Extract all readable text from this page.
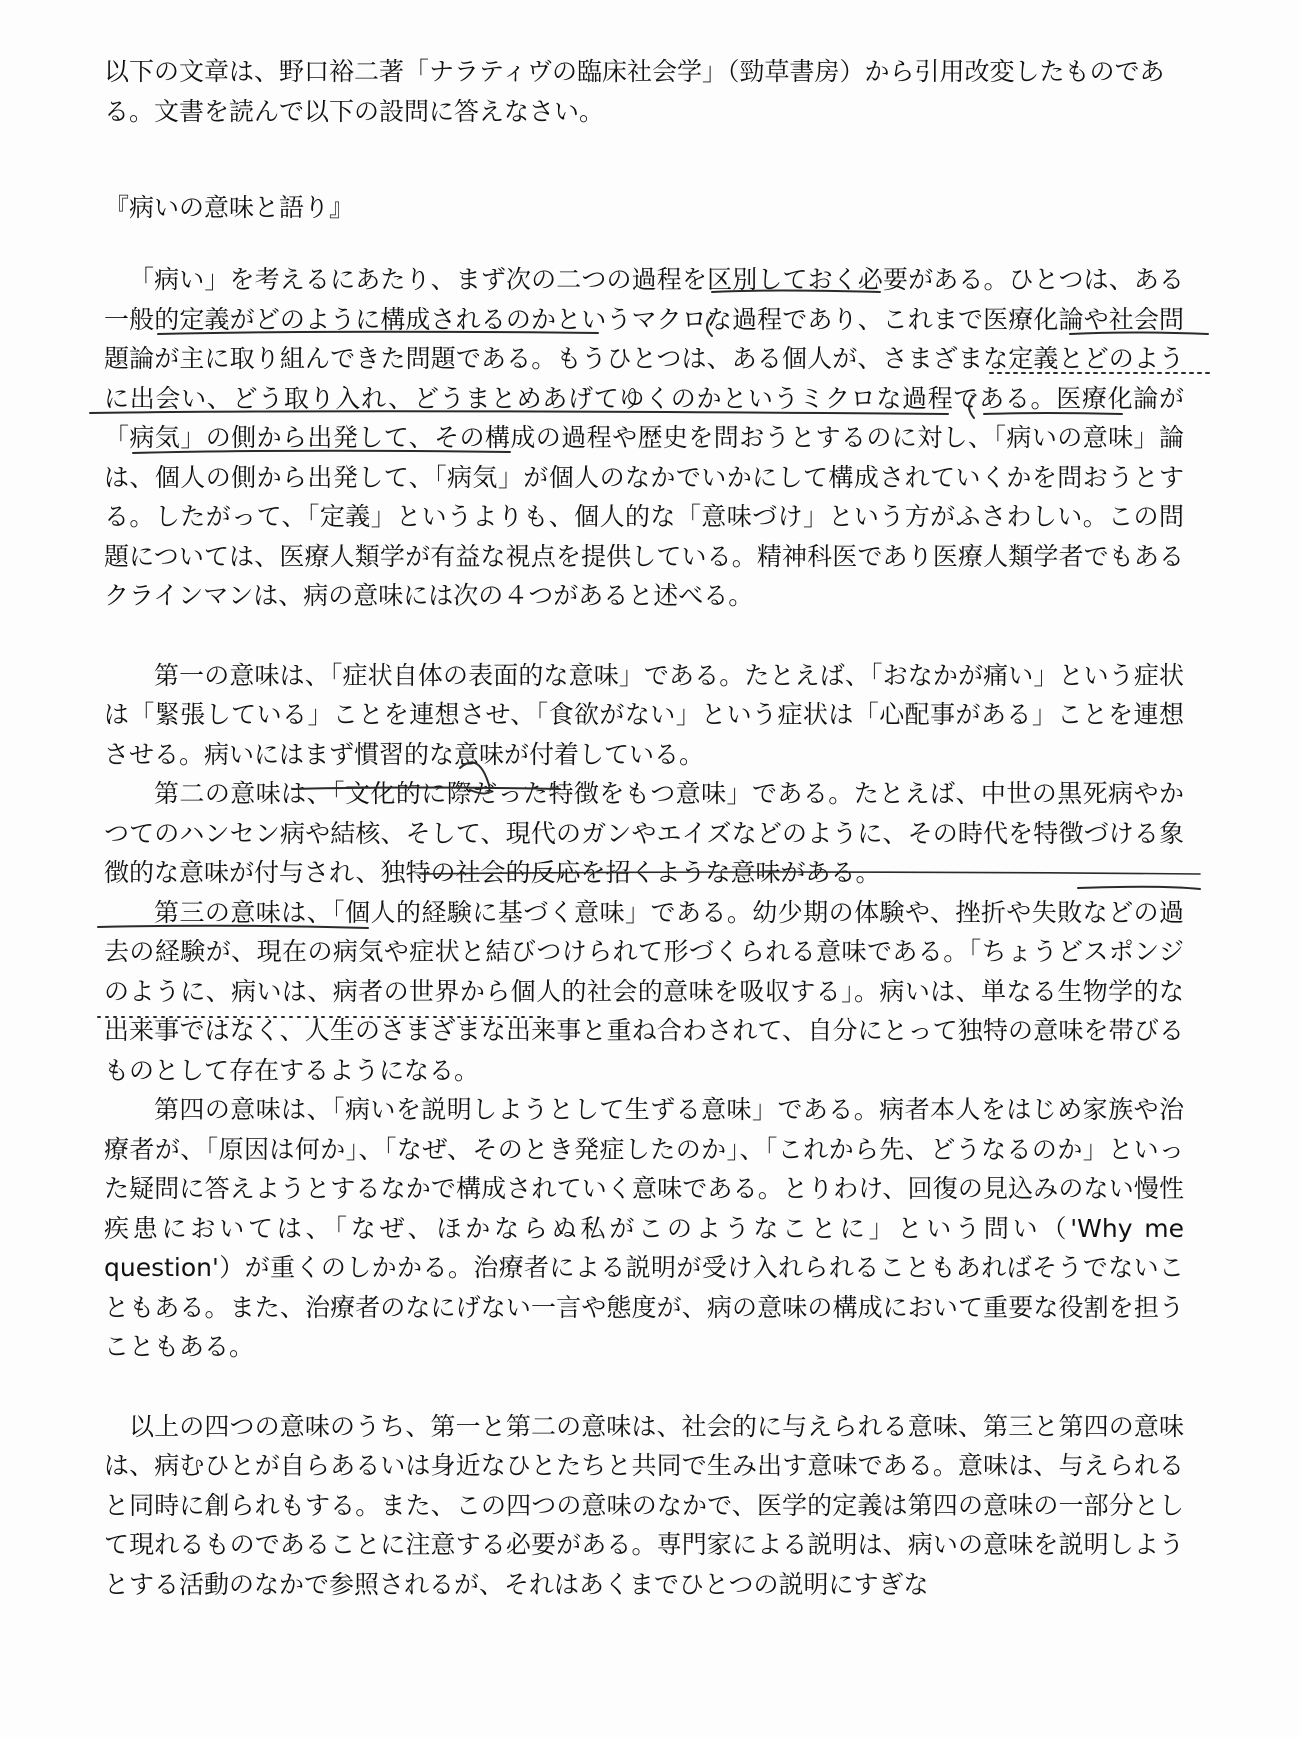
以下の文章は、野口裕二著「ナラティヴの臨床社会学」（勁草書房）から引用改変したものである。文書を読んで以下の設問に答えなさい。

『病いの意味と語り』

「病い」を考えるにあたり、まず次の二つの過程を区別しておく必要がある。ひとつは、ある一般的定義がどのように構成されるのかというマクロな過程であり、これまで医療化論や社会問題論が主に取り組んできた問題である。もうひとつは、ある個人が、さまざまな定義とどのように出会い、どう取り入れ、どうまとめあげてゆくのかというミクロな過程である。医療化論が「病気」の側から出発して、その構成の過程や歴史を問おうとするのに対し、「病いの意味」論は、個人の側から出発して、「病気」が個人のなかでいかにして構成されていくかを問おうとする。したがって、「定義」というよりも、個人的な「意味づけ」という方がふさわしい。この問題については、医療人類学が有益な視点を提供している。精神科医であり医療人類学者でもあるクラインマンは、病の意味には次の４つがあると述べる。

第一の意味は、「症状自体の表面的な意味」である。たとえば、「おなかが痛い」という症状は「緊張している」ことを連想させ、「食欲がない」という症状は「心配事がある」ことを連想させる。病いにはまず慣習的な意味が付着している。

第二の意味は、「文化的に際だった特徴をもつ意味」である。たとえば、中世の黒死病やかつてのハンセン病や結核、そして、現代のガンやエイズなどのように、その時代を特徴づける象徴的な意味が付与され、独特の社会的反応を招くような意味がある。

第三の意味は、「個人的経験に基づく意味」である。幼少期の体験や、挫折や失敗などの過去の経験が、現在の病気や症状と結びつけられて形づくられる意味である。「ちょうどスポンジのように、病いは、病者の世界から個人的社会的意味を吸収する」。病いは、単なる生物学的な出来事ではなく、人生のさまざまな出来事と重ね合わされて、自分にとって独特の意味を帯びるものとして存在するようになる。

第四の意味は、「病いを説明しようとして生ずる意味」である。病者本人をはじめ家族や治療者が、「原因は何か」、「なぜ、そのとき発症したのか」、「これから先、どうなるのか」といった疑問に答えようとするなかで構成されていく意味である。とりわけ、回復の見込みのない慢性疾患においては、「なぜ、ほかならぬ私がこのようなことに」という問い（'Why me question'）が重くのしかかる。治療者による説明が受け入れられることもあればそうでないこともある。また、治療者のなにげない一言や態度が、病の意味の構成において重要な役割を担うこともある。

以上の四つの意味のうち、第一と第二の意味は、社会的に与えられる意味、第三と第四の意味は、病むひとが自らあるいは身近なひとたちと共同で生み出す意味である。意味は、与えられると同時に創られもする。また、この四つの意味のなかで、医学的定義は第四の意味の一部分として現れるものであることに注意する必要がある。専門家による説明は、病いの意味を説明しようとする活動のなかで参照されるが、それはあくまでひとつの説明にすぎな
